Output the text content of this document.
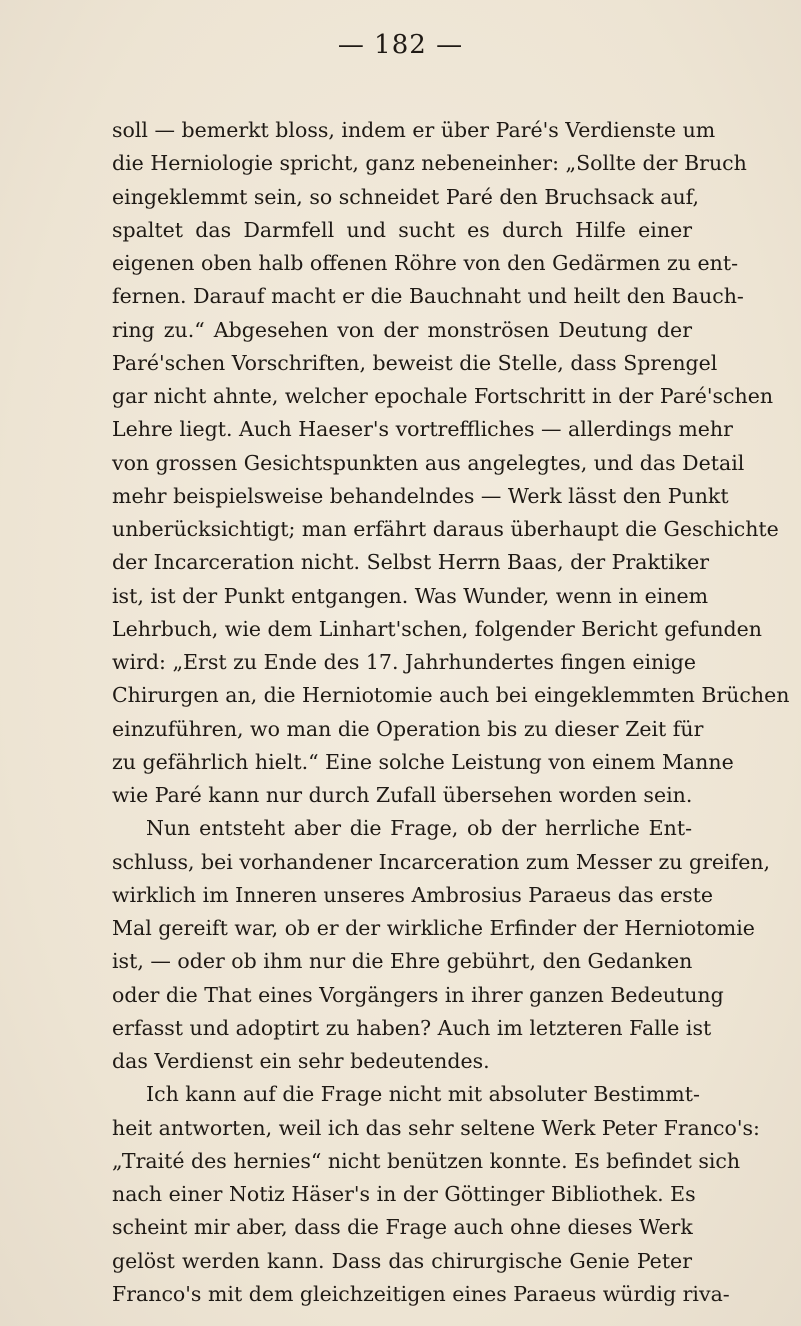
— 182 —
soll — bemerkt bloss, indem er über Paré's Verdienste um
die Herniologie spricht, ganz nebeneinher: „Sollte der Bruch
eingeklemmt sein, so schneidet Paré den Bruchsack auf,
spaltet das Darmfell und sucht es durch Hilfe einer
eigenen oben halb offenen Röhre von den Gedärmen zu ent-
fernen. Darauf macht er die Bauchnaht und heilt den Bauch-
ring zu.“ Abgesehen von der monströsen Deutung der
Paré'schen Vorschriften, beweist die Stelle, dass Sprengel
gar nicht ahnte, welcher epochale Fortschritt in der Paré'schen
Lehre liegt. Auch Haeser's vortreffliches — allerdings mehr
von grossen Gesichtspunkten aus angelegtes, und das Detail
mehr beispielsweise behandelndes — Werk lässt den Punkt
unberücksichtigt; man erfährt daraus überhaupt die Geschichte
der Incarceration nicht. Selbst Herrn Baas, der Praktiker
ist, ist der Punkt entgangen. Was Wunder, wenn in einem
Lehrbuch, wie dem Linhart'schen, folgender Bericht gefunden
wird: „Erst zu Ende des 17. Jahrhundertes fingen einige
Chirurgen an, die Herniotomie auch bei eingeklemmten Brüchen
einzuführen, wo man die Operation bis zu dieser Zeit für
zu gefährlich hielt.“ Eine solche Leistung von einem Manne
wie Paré kann nur durch Zufall übersehen worden sein.
Nun entsteht aber die Frage, ob der herrliche Ent-
schluss, bei vorhandener Incarceration zum Messer zu greifen,
wirklich im Inneren unseres Ambrosius Paraeus das erste
Mal gereift war, ob er der wirkliche Erfinder der Herniotomie
ist, — oder ob ihm nur die Ehre gebührt, den Gedanken
oder die That eines Vorgängers in ihrer ganzen Bedeutung
erfasst und adoptirt zu haben? Auch im letzteren Falle ist
das Verdienst ein sehr bedeutendes.
Ich kann auf die Frage nicht mit absoluter Bestimmt-
heit antworten, weil ich das sehr seltene Werk Peter Franco's:
„Traité des hernies“ nicht benützen konnte. Es befindet sich
nach einer Notiz Häser's in der Göttinger Bibliothek. Es
scheint mir aber, dass die Frage auch ohne dieses Werk
gelöst werden kann. Dass das chirurgische Genie Peter
Franco's mit dem gleichzeitigen eines Paraeus würdig riva-
